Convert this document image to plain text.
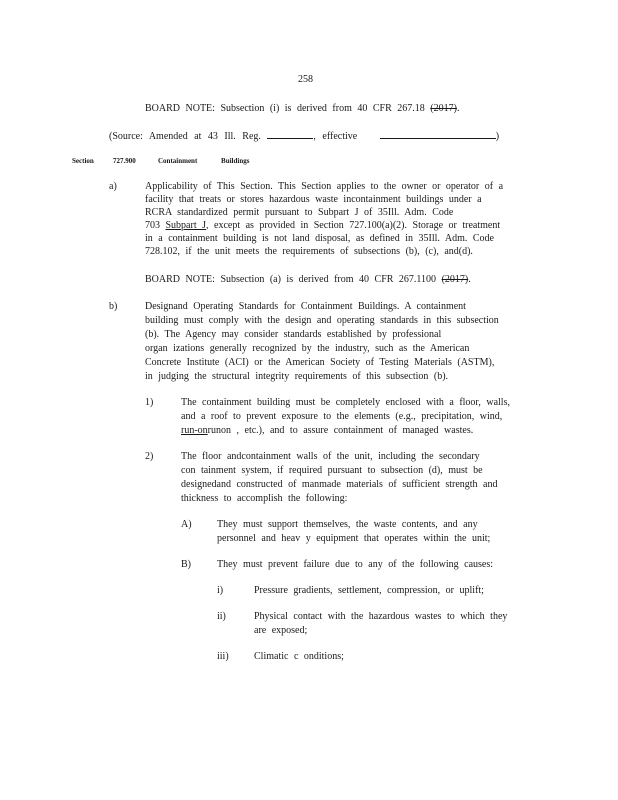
258
BOARD NOTE: Subsection (i) is derived from 40 CFR 267.18 (2017).
(Source: Amended at 43 Ill. Reg.	, effective	)
Section	727.900	Containment Buildings
a)	Applicability of This Section. This Section applies to the owner or operator of a
facility that treats or stores hazardous waste incontainment buildings under a
RCRA standardized permit pursuant to Subpart J of 35Ill. Adm. Code
703 Subpart J, except as provided in Section 727.100(a)(2). Storage or treatment
in a containment building is not land disposal, as defined in 35Ill. Adm. Code
728.102, if the unit meets the requirements of subsections (b), (c), and(d).
BOARD NOTE: Subsection (a) is derived from 40 CFR 267.1100 (2017).
b)	Designand Operating Standards for Containment Buildings. A containment
building must comply with the design and operating standards in this subsection
(b). The Agency may consider standards established by professional
organ izations generally recognized by the industry, such as the American
Concrete Institute (ACI) or the American Society of Testing Materials (ASTM),
in judging the structural integrity requirements of this subsection (b).
1)	The containment building must be completely enclosed with a floor, walls,
and a roof to prevent exposure to the elements (e.g., precipitation, wind,
run-onrunon , etc.), and to assure containment of managed wastes.
2)	The floor andcontainment walls of the unit, including the secondary
con tainment system, if required pursuant to subsection (d), must be
designedand constructed of manmade materials of sufficient strength and
thickness to accomplish the following:
A)	They must support themselves, the waste contents, and any
personnel and heav y equipment that operates within the unit;
B)	They must prevent failure due to any of the following causes:
i)	Pressure gradients, settlement, compression, or uplift;
ii)	Physical contact with the hazardous wastes to which they
are exposed;
iii)	Climatic c onditions;
